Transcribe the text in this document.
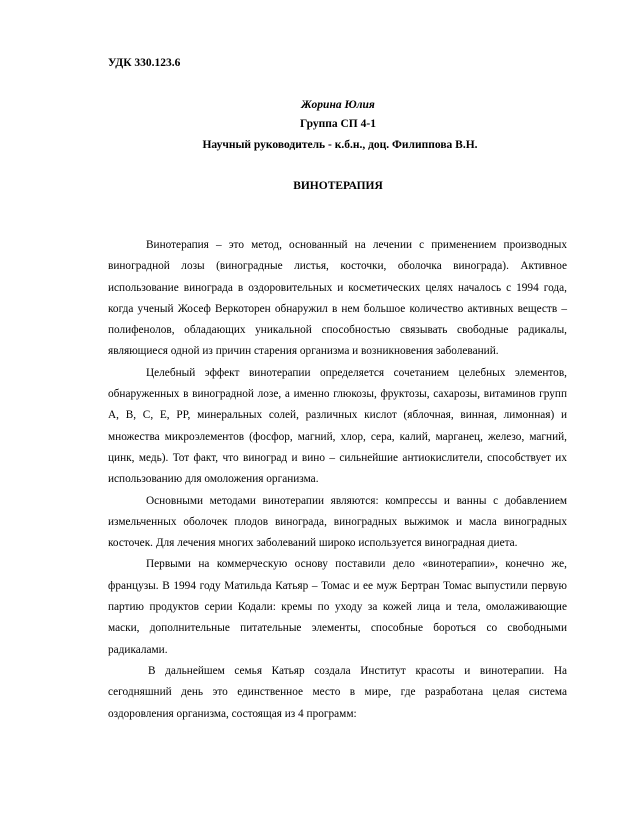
УДК 330.123.6

Жорина Юлия

Группа СП 4-1

Научный руководитель - к.б.н., доц. Филиппова В.Н.

ВИНОТЕРАПИЯ

Винотерапия – это метод, основанный на лечении с применением производных виноградной лозы (виноградные листья, косточки, оболочка винограда). Активное использование винограда в оздоровительных и косметических целях началось с 1994 года, когда ученый Жосеф Веркоторен обнаружил в нем большое количество активных веществ – полифенолов, обладающих уникальной способностью связывать свободные радикалы, являющиеся одной из причин старения организма и возникновения заболеваний.

Целебный эффект винотерапии определяется сочетанием целебных элементов, обнаруженных в виноградной лозе, а именно глюкозы, фруктозы, сахарозы, витаминов групп А, В, С, Е, РР, минеральных солей, различных кислот (яблочная, винная, лимонная) и множества микроэлементов (фосфор, магний, хлор, сера, калий, марганец, железо, магний, цинк, медь). Тот факт, что виноград и вино – сильнейшие антиокислители, способствует их использованию для омоложения организма.

Основными методами винотерапии являются: компрессы и ванны с добавлением измельченных оболочек плодов винограда, виноградных выжимок и масла виноградных косточек. Для лечения многих заболеваний широко используется виноградная диета.

Первыми на коммерческую основу поставили дело «винотерапии», конечно же, французы. В 1994 году Матильда Катьяр – Томас и ее муж Бертран Томас выпустили первую партию продуктов серии Кодали: кремы по уходу за кожей лица и тела, омолаживающие маски, дополнительные питательные элементы, способные бороться со свободными радикалами.

В дальнейшем семья Катьяр создала Институт красоты и винотерапии. На сегодняшний день это единственное место в мире, где разработана целая система оздоровления организма, состоящая из 4 программ:
